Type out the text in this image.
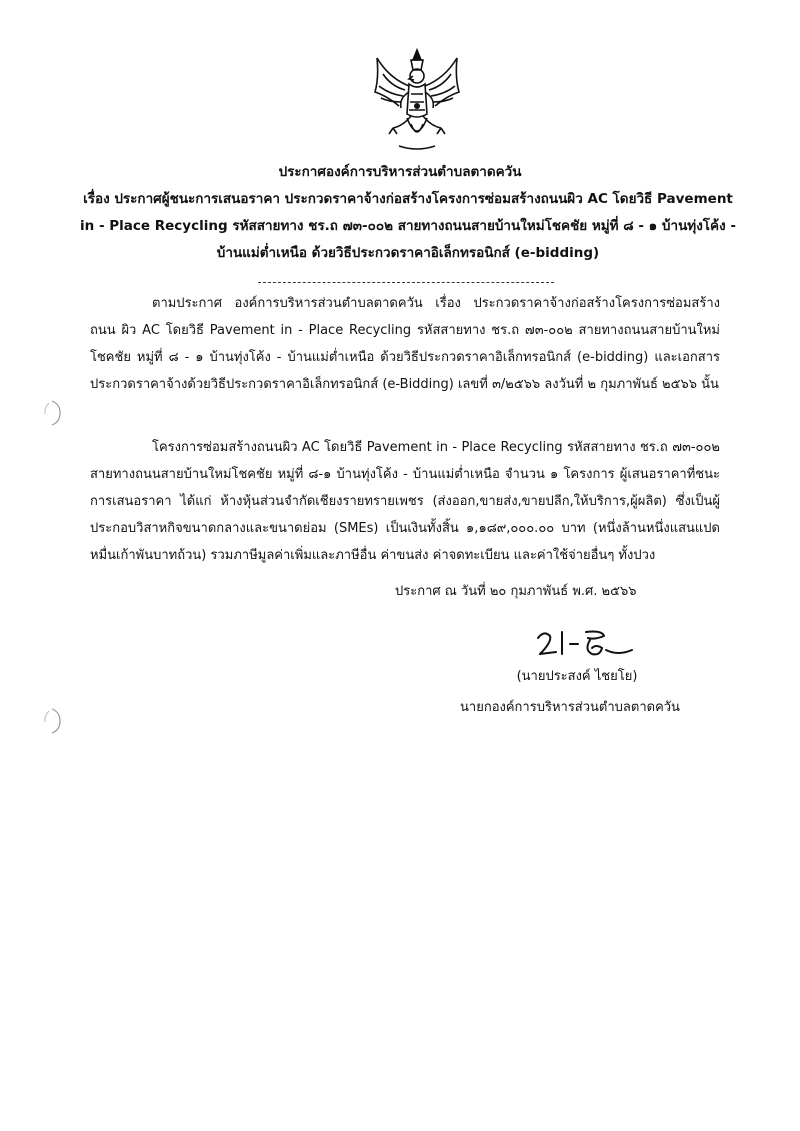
ประกาศองค์การบริหารส่วนตำบลตาดควัน
เรื่อง ประกาศผู้ชนะการเสนอราคา ประกวดราคาจ้างก่อสร้างโครงการซ่อมสร้างถนนผิว AC โดยวิธี Pavement in - Place Recycling รหัสสายทาง ชร.ถ ๗๓-๐๐๒ สายทางถนนสายบ้านใหม่โชคชัย หมู่ที่ ๘ - ๑ บ้านทุ่งโค้ง - บ้านแม่ต่ำเหนือ ด้วยวิธีประกวดราคาอิเล็กทรอนิกส์ (e-bidding)
ตามประกาศ องค์การบริหารส่วนตำบลตาดควัน เรื่อง ประกวดราคาจ้างก่อสร้างโครงการซ่อมสร้างถนน ผิว AC โดยวิธี Pavement in - Place Recycling รหัสสายทาง ชร.ถ ๗๓-๐๐๒ สายทางถนนสายบ้านใหม่โชคชัย หมู่ที่ ๘ - ๑ บ้านทุ่งโค้ง - บ้านแม่ต่ำเหนือ ด้วยวิธีประกวดราคาอิเล็กทรอนิกส์ (e-bidding) และเอกสารประกวดราคาจ้างด้วยวิธีประกวดราคาอิเล็กทรอนิกส์ (e-Bidding) เลขที่ ๓/๒๕๖๖ ลงวันที่ ๒ กุมภาพันธ์ ๒๕๖๖ นั้น
โครงการซ่อมสร้างถนนผิว AC โดยวิธี Pavement in - Place Recycling รหัสสายทาง ชร.ถ ๗๓-๐๐๒ สายทางถนนสายบ้านใหม่โชคชัย หมู่ที่ ๘-๑ บ้านทุ่งโค้ง - บ้านแม่ต่ำเหนือ จำนวน ๑ โครงการ ผู้เสนอราคาที่ชนะการเสนอราคา ได้แก่ ห้างหุ้นส่วนจำกัดเชียงรายทรายเพชร (ส่งออก,ขายส่ง,ขายปลีก,ให้บริการ,ผู้ผลิต) ซึ่งเป็นผู้ประกอบวิสาหกิจขนาดกลางและขนาดย่อม (SMEs) เป็นเงินทั้งสิ้น ๑,๑๘๙,๐๐๐.๐๐ บาท (หนึ่งล้านหนึ่งแสนแปดหมื่นเก้าพันบาทถ้วน) รวมภาษีมูลค่าเพิ่มและภาษีอื่น ค่าขนส่ง ค่าจดทะเบียน และค่าใช้จ่ายอื่นๆ ทั้งปวง
ประกาศ ณ วันที่ ๒๐ กุมภาพันธ์ พ.ศ. ๒๕๖๖
(นายประสงค์ ไชยโย)
นายกองค์การบริหารส่วนตำบลตาดควัน
